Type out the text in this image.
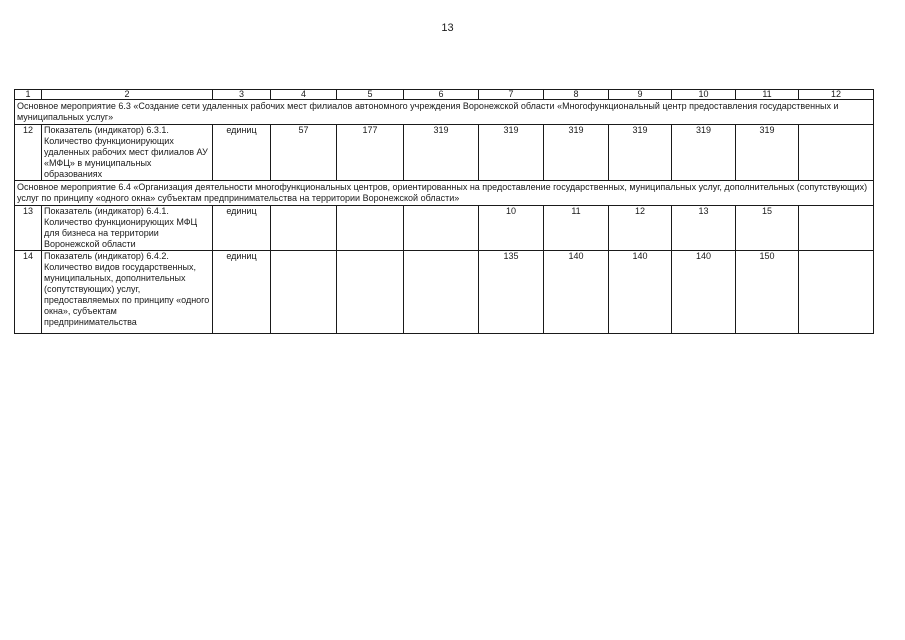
13
1	2	3	4	5	6	7	8	9	10	11	12
Основное мероприятие 6.3 «Создание сети удаленных рабочих мест филиалов автономного учреждения Воронежской области «Многофункциональный центр предоставления государственных и муниципальных услуг»											
12	Показатель (индикатор) 6.3.1. Количество функционирующих удаленных рабочих мест филиалов АУ «МФЦ» в муниципальных образованиях	единиц	57	177	319	319	319	319	319	319	
Основное мероприятие 6.4 «Организация деятельности многофункциональных центров, ориентированных на предоставление государственных, муниципальных услуг, дополнительных (сопутствующих) услуг по принципу «одного окна» субъектам предпринимательства на территории Воронежской области»											
13	Показатель (индикатор) 6.4.1. Количество функционирующих МФЦ для бизнеса на территории Воронежской области	единиц				10	11	12	13	15	
14	Показатель (индикатор) 6.4.2. Количество видов государственных, муниципальных, дополнительных (сопутствующих) услуг, предоставляемых по принципу «одного окна», субъектам предпринимательства	единиц				135	140	140	140	150	
